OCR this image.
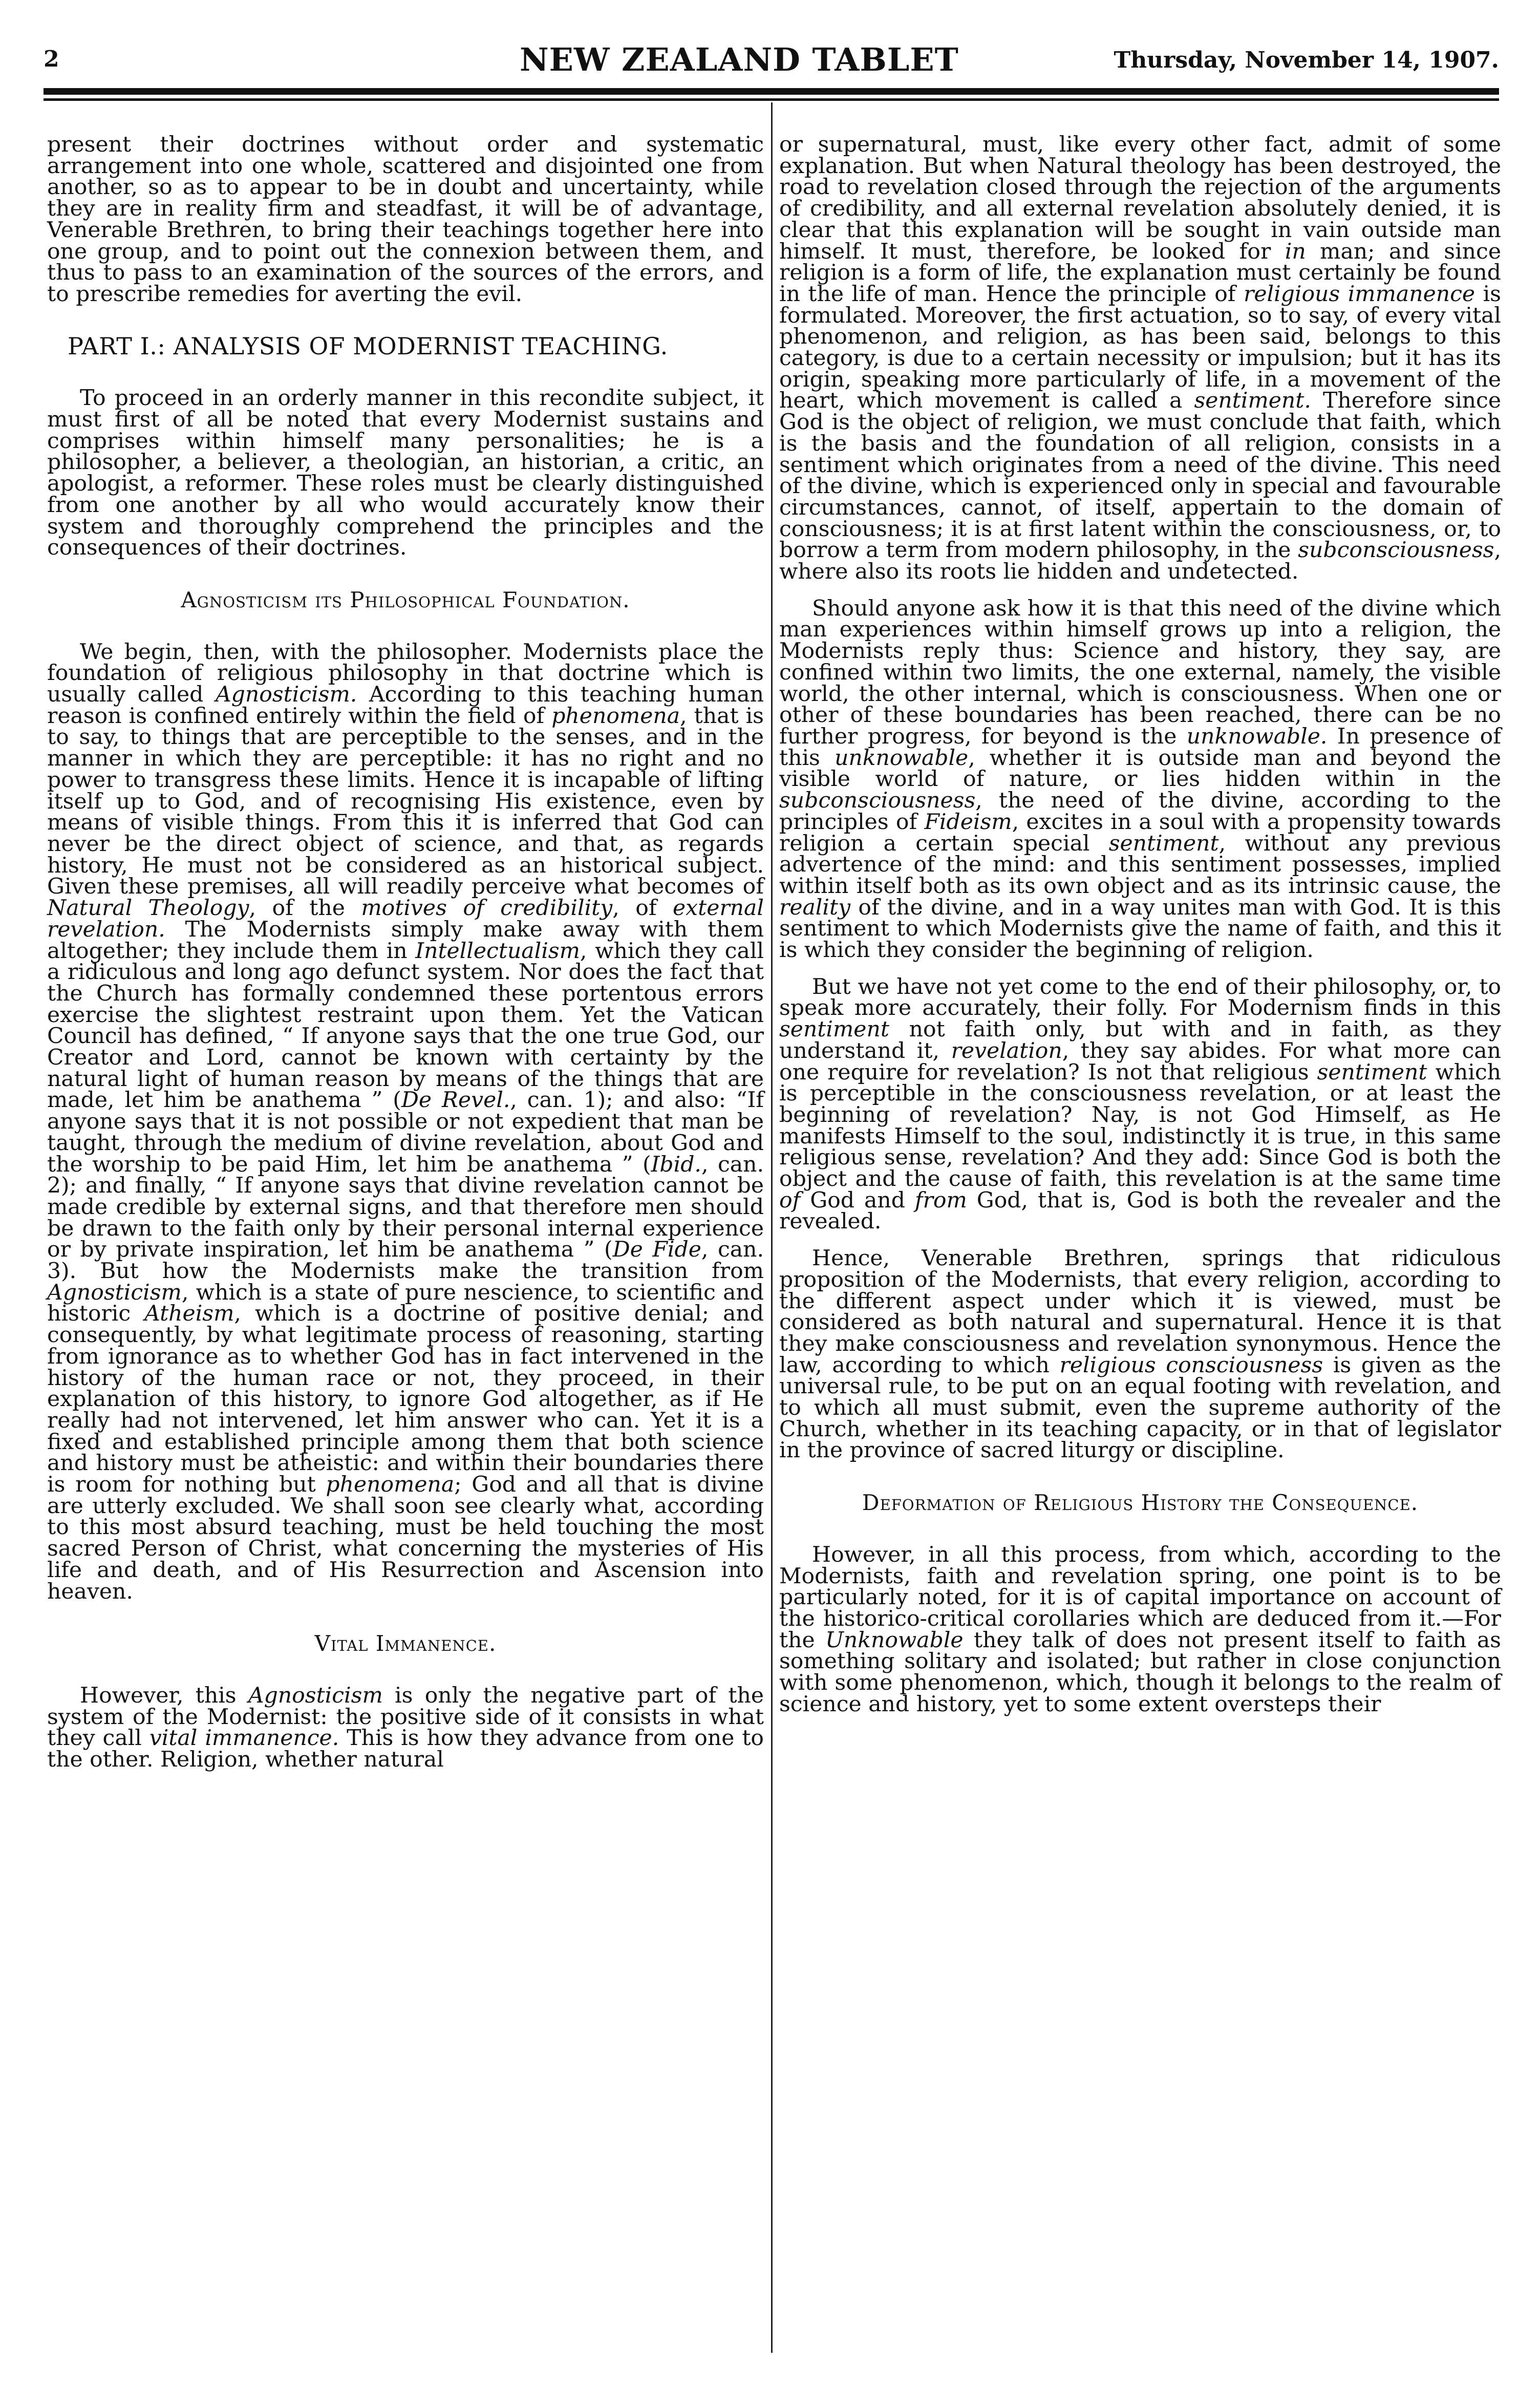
2	NEW ZEALAND TABLET	Thursday, November 14, 1907.

present their doctrines without order and systematic arrangement into one whole, scattered and disjointed one from another, so as to appear to be in doubt and uncertainty, while they are in reality firm and steadfast, it will be of advantage, Venerable Brethren, to bring their teachings together here into one group, and to point out the connexion between them, and thus to pass to an examination of the sources of the errors, and to prescribe remedies for averting the evil.

PART I.: ANALYSIS OF MODERNIST TEACHING.

To proceed in an orderly manner in this recondite subject, it must first of all be noted that every Modernist sustains and comprises within himself many personalities; he is a philosopher, a believer, a theologian, an historian, a critic, an apologist, a reformer. These roles must be clearly distinguished from one another by all who would accurately know their system and thoroughly comprehend the principles and the consequences of their doctrines.

Agnosticism its Philosophical Foundation.

We begin, then, with the philosopher. Modernists place the foundation of religious philosophy in that doctrine which is usually called Agnosticism. According to this teaching human reason is confined entirely within the field of phenomena, that is to say, to things that are perceptible to the senses, and in the manner in which they are perceptible: it has no right and no power to transgress these limits. Hence it is incapable of lifting itself up to God, and of recognising His existence, even by means of visible things. From this it is inferred that God can never be the direct object of science, and that, as regards history, He must not be considered as an historical subject. Given these premises, all will readily perceive what becomes of Natural Theology, of the motives of credibility, of external revelation. The Modernists simply make away with them altogether; they include them in Intellectualism, which they call a ridiculous and long ago defunct system. Nor does the fact that the Church has formally condemned these portentous errors exercise the slightest restraint upon them. Yet the Vatican Council has defined, “ If anyone says that the one true God, our Creator and Lord, cannot be known with certainty by the natural light of human reason by means of the things that are made, let him be anathema ” (De Revel., can. 1); and also: “If anyone says that it is not possible or not expedient that man be taught, through the medium of divine revelation, about God and the worship to be paid Him, let him be anathema ” (Ibid., can. 2); and finally, “ If anyone says that divine revelation cannot be made credible by external signs, and that therefore men should be drawn to the faith only by their personal internal experience or by private inspiration, let him be anathema ” (De Fide, can. 3). But how the Modernists make the transition from Agnosticism, which is a state of pure nescience, to scientific and historic Atheism, which is a doctrine of positive denial; and consequently, by what legitimate process of reasoning, starting from ignorance as to whether God has in fact intervened in the history of the human race or not, they proceed, in their explanation of this history, to ignore God altogether, as if He really had not intervened, let him answer who can. Yet it is a fixed and established principle among them that both science and history must be atheistic: and within their boundaries there is room for nothing but phenomena; God and all that is divine are utterly excluded. We shall soon see clearly what, according to this most absurd teaching, must be held touching the most sacred Person of Christ, what concerning the mysteries of His life and death, and of His Resurrection and Ascension into heaven.

Vital Immanence.

However, this Agnosticism is only the negative part of the system of the Modernist: the positive side of it consists in what they call vital immanence. This is how they advance from one to the other. Religion, whether natural

or supernatural, must, like every other fact, admit of some explanation. But when Natural theology has been destroyed, the road to revelation closed through the rejection of the arguments of credibility, and all external revelation absolutely denied, it is clear that this explanation will be sought in vain outside man himself. It must, therefore, be looked for in man; and since religion is a form of life, the explanation must certainly be found in the life of man. Hence the principle of religious immanence is formulated. Moreover, the first actuation, so to say, of every vital phenomenon, and religion, as has been said, belongs to this category, is due to a certain necessity or impulsion; but it has its origin, speaking more particularly of life, in a movement of the heart, which movement is called a sentiment. Therefore since God is the object of religion, we must conclude that faith, which is the basis and the foundation of all religion, consists in a sentiment which originates from a need of the divine. This need of the divine, which is experienced only in special and favourable circumstances, cannot, of itself, appertain to the domain of consciousness; it is at first latent within the consciousness, or, to borrow a term from modern philosophy, in the subconsciousness, where also its roots lie hidden and undetected.

Should anyone ask how it is that this need of the divine which man experiences within himself grows up into a religion, the Modernists reply thus: Science and history, they say, are confined within two limits, the one external, namely, the visible world, the other internal, which is consciousness. When one or other of these boundaries has been reached, there can be no further progress, for beyond is the unknowable. In presence of this unknowable, whether it is outside man and beyond the visible world of nature, or lies hidden within in the subconsciousness, the need of the divine, according to the principles of Fideism, excites in a soul with a propensity towards religion a certain special sentiment, without any previous advertence of the mind: and this sentiment possesses, implied within itself both as its own object and as its intrinsic cause, the reality of the divine, and in a way unites man with God. It is this sentiment to which Modernists give the name of faith, and this it is which they consider the beginning of religion.

But we have not yet come to the end of their philosophy, or, to speak more accurately, their folly. For Modernism finds in this sentiment not faith only, but with and in faith, as they understand it, revelation, they say abides. For what more can one require for revelation? Is not that religious sentiment which is perceptible in the consciousness revelation, or at least the beginning of revelation? Nay, is not God Himself, as He manifests Himself to the soul, indistinctly it is true, in this same religious sense, revelation? And they add: Since God is both the object and the cause of faith, this revelation is at the same time of God and from God, that is, God is both the revealer and the revealed.

Hence, Venerable Brethren, springs that ridiculous proposition of the Modernists, that every religion, according to the different aspect under which it is viewed, must be considered as both natural and supernatural. Hence it is that they make consciousness and revelation synonymous. Hence the law, according to which religious consciousness is given as the universal rule, to be put on an equal footing with revelation, and to which all must submit, even the supreme authority of the Church, whether in its teaching capacity, or in that of legislator in the province of sacred liturgy or discipline.

Deformation of Religious History the Consequence.

However, in all this process, from which, according to the Modernists, faith and revelation spring, one point is to be particularly noted, for it is of capital importance on account of the historico-critical corollaries which are deduced from it.—For the Unknowable they talk of does not present itself to faith as something solitary and isolated; but rather in close conjunction with some phenomenon, which, though it belongs to the realm of science and history, yet to some extent oversteps their
